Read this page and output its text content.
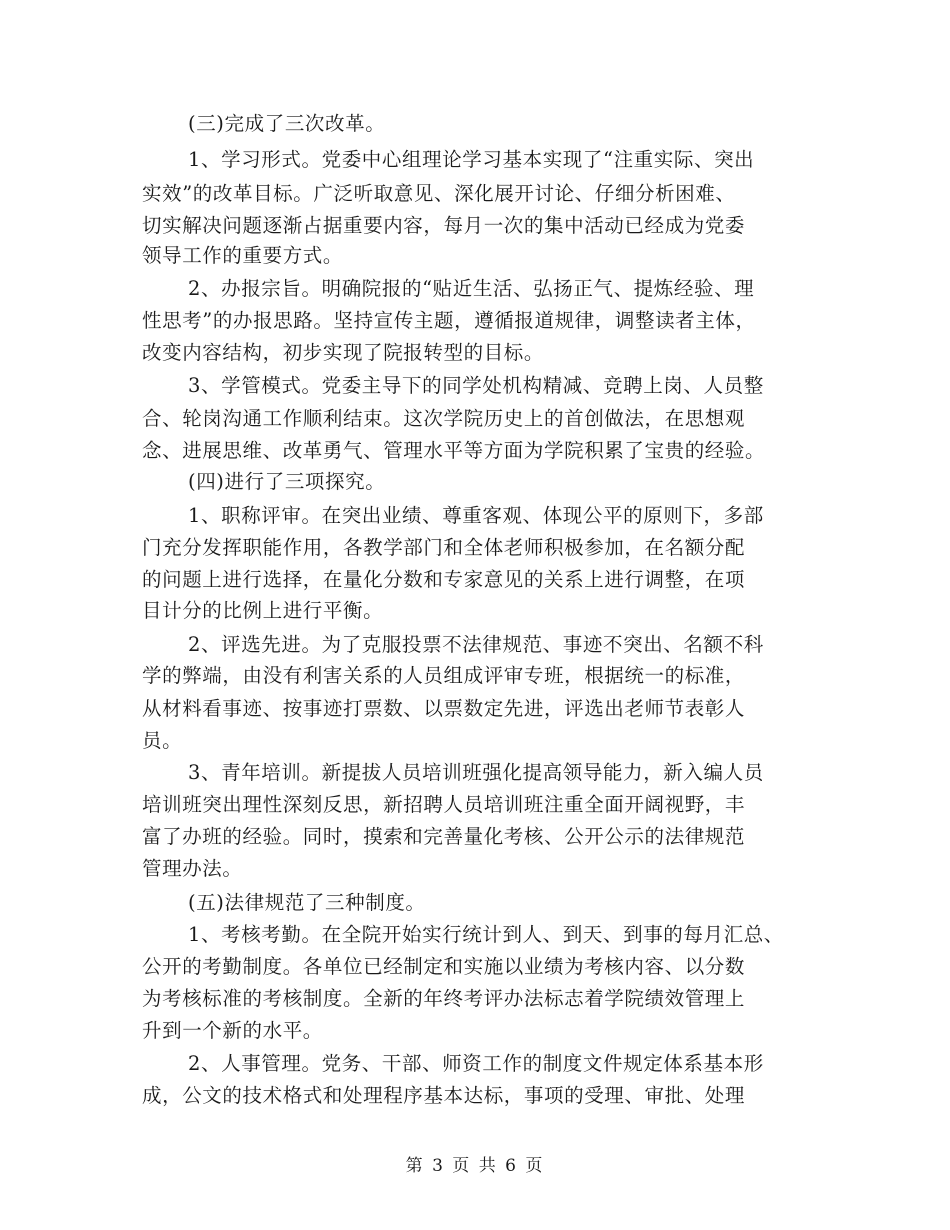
(三)完成了三次改革。

1、学习形式。党委中心组理论学习基本实现了“注重实际、突出

实效”的改革目标。广泛听取意见、深化展开讨论、仔细分析困难、

切实解决问题逐渐占据重要内容，每月一次的集中活动已经成为党委

领导工作的重要方式。

2、办报宗旨。明确院报的“贴近生活、弘扬正气、提炼经验、理

性思考”的办报思路。坚持宣传主题，遵循报道规律，调整读者主体，

改变内容结构，初步实现了院报转型的目标。

3、学管模式。党委主导下的同学处机构精减、竞聘上岗、人员整

合、轮岗沟通工作顺利结束。这次学院历史上的首创做法，在思想观

念、进展思维、改革勇气、管理水平等方面为学院积累了宝贵的经验。

(四)进行了三项探究。

1、职称评审。在突出业绩、尊重客观、体现公平的原则下，多部

门充分发挥职能作用，各教学部门和全体老师积极参加，在名额分配

的问题上进行选择，在量化分数和专家意见的关系上进行调整，在项

目计分的比例上进行平衡。

2、评选先进。为了克服投票不法律规范、事迹不突出、名额不科

学的弊端，由没有利害关系的人员组成评审专班，根据统一的标准，

从材料看事迹、按事迹打票数、以票数定先进，评选出老师节表彰人

员。

3、青年培训。新提拔人员培训班强化提高领导能力，新入编人员

培训班突出理性深刻反思，新招聘人员培训班注重全面开阔视野，丰

富了办班的经验。同时，摸索和完善量化考核、公开公示的法律规范

管理办法。

(五)法律规范了三种制度。

1、考核考勤。在全院开始实行统计到人、到天、到事的每月汇总、

公开的考勤制度。各单位已经制定和实施以业绩为考核内容、以分数

为考核标准的考核制度。全新的年终考评办法标志着学院绩效管理上

升到一个新的水平。

2、人事管理。党务、干部、师资工作的制度文件规定体系基本形

成，公文的技术格式和处理程序基本达标，事项的受理、审批、处理

第 3 页 共 6 页
